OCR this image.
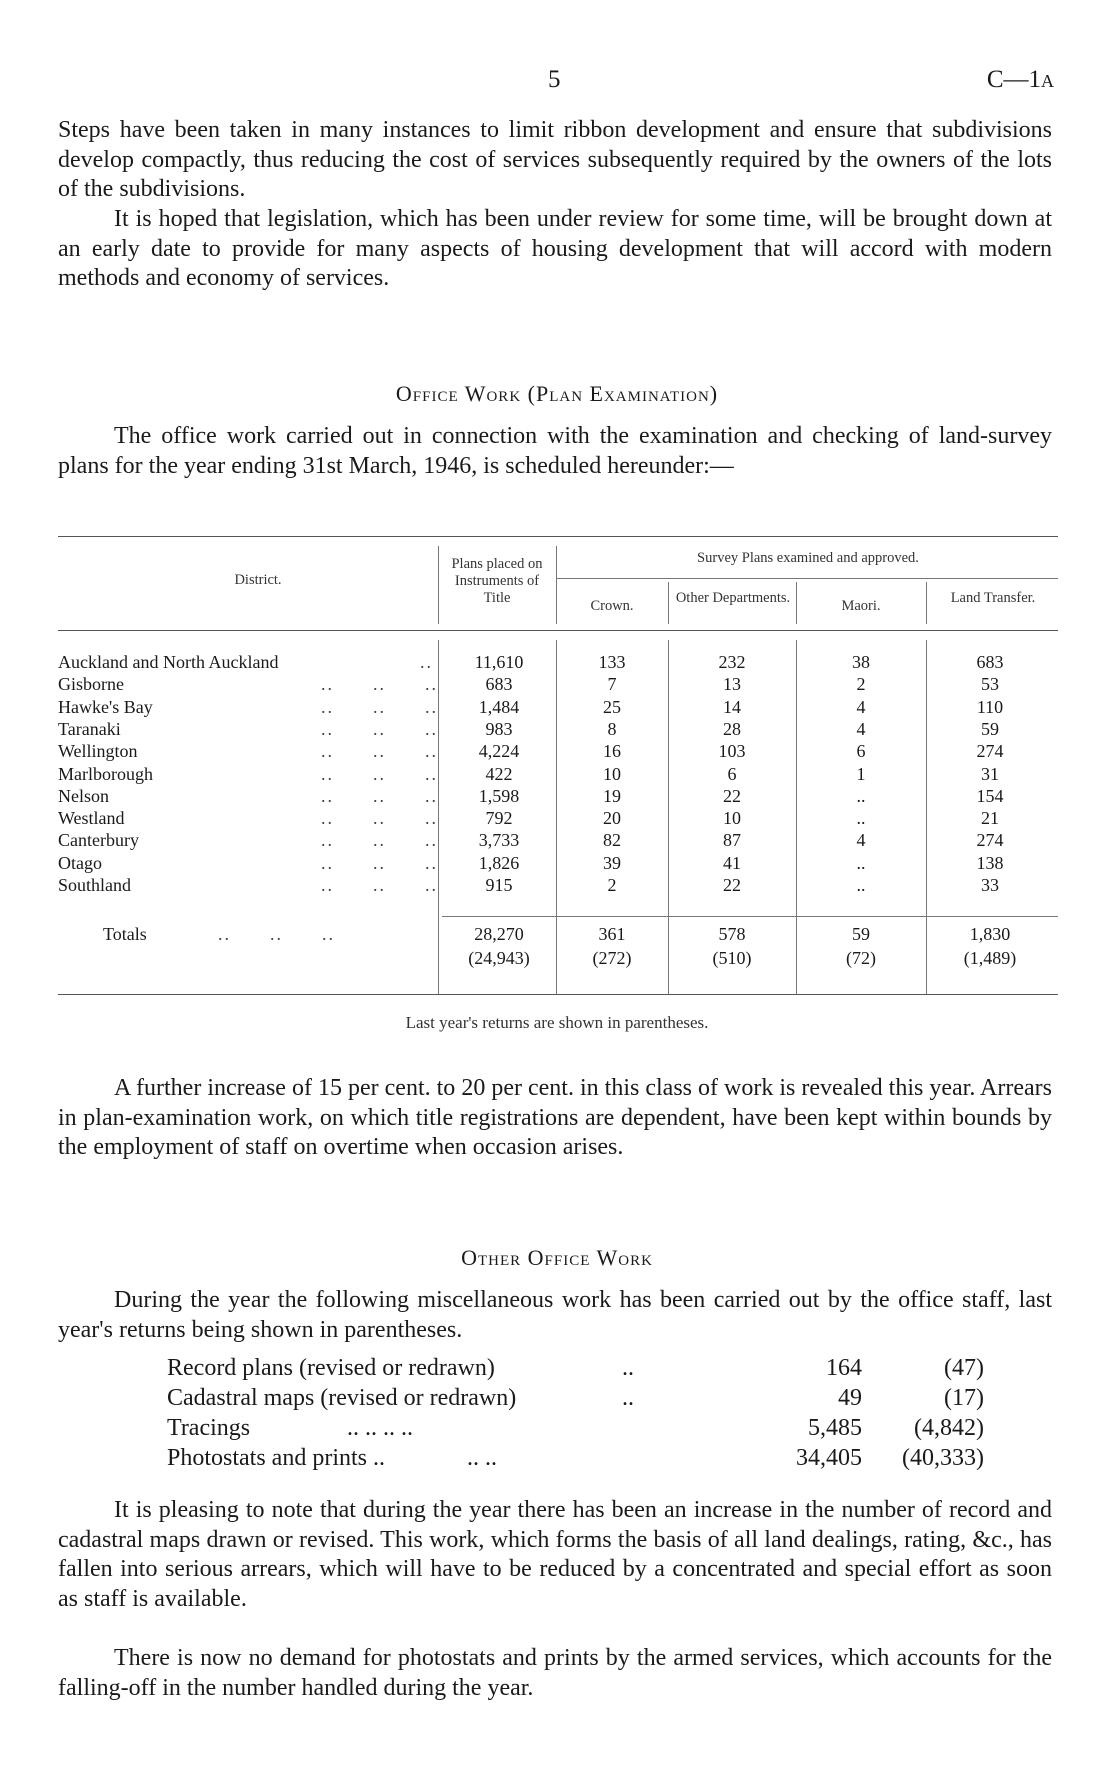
5	C—1A

Steps have been taken in many instances to limit ribbon development and ensure that subdivisions develop compactly, thus reducing the cost of services subsequently required by the owners of the lots of the subdivisions.

It is hoped that legislation, which has been under review for some time, will be brought down at an early date to provide for many aspects of housing development that will accord with modern methods and economy of services.

Office Work (Plan Examination)

The office work carried out in connection with the examination and checking of land-survey plans for the year ending 31st March, 1946, is scheduled hereunder:—

District.
Plans placed on Instruments of Title
Survey Plans examined and approved.
Crown.	Other Departments.	Maori.	Land Transfer.
Auckland and North Auckland	11,610	133	232	38	683
..
Gisborne	683	7	13	2	53
..      ..      ..
Hawke's Bay	1,484	25	14	4	110
..      ..      ..
Taranaki	983	8	28	4	59
..      ..      ..
Wellington	4,224	16	103	6	274
..      ..      ..
Marlborough	422	10	6	1	31
..      ..      ..
Nelson	1,598	19	22	..	154
..      ..      ..
Westland	792	20	10	..	21
..      ..      ..
Canterbury	3,733	82	87	4	274
..      ..      ..
Otago	1,826	39	41	..	138
..      ..      ..
Southland	915	2	22	..	33
..      ..      ..
Totals	..      ..      ..	28,270	361	578	59	1,830
(24,943)	(272)	(510)	(72)	(1,489)
Last year's returns are shown in parentheses.

A further increase of 15 per cent. to 20 per cent. in this class of work is revealed this year. Arrears in plan-examination work, on which title registrations are dependent, have been kept within bounds by the employment of staff on overtime when occasion arises.

Other Office Work

During the year the following miscellaneous work has been carried out by the office staff, last year's returns being shown in parentheses.

Record plans (revised or redrawn)	..	164	(47)
Cadastral maps (revised or redrawn)	..	49	(17)
Tracings	.. .. .. ..	5,485	(4,842)
Photostats and prints ..	.. ..	34,405	(40,333)

It is pleasing to note that during the year there has been an increase in the number of record and cadastral maps drawn or revised. This work, which forms the basis of all land dealings, rating, &c., has fallen into serious arrears, which will have to be reduced by a concentrated and special effort as soon as staff is available.

There is now no demand for photostats and prints by the armed services, which accounts for the falling-off in the number handled during the year.
